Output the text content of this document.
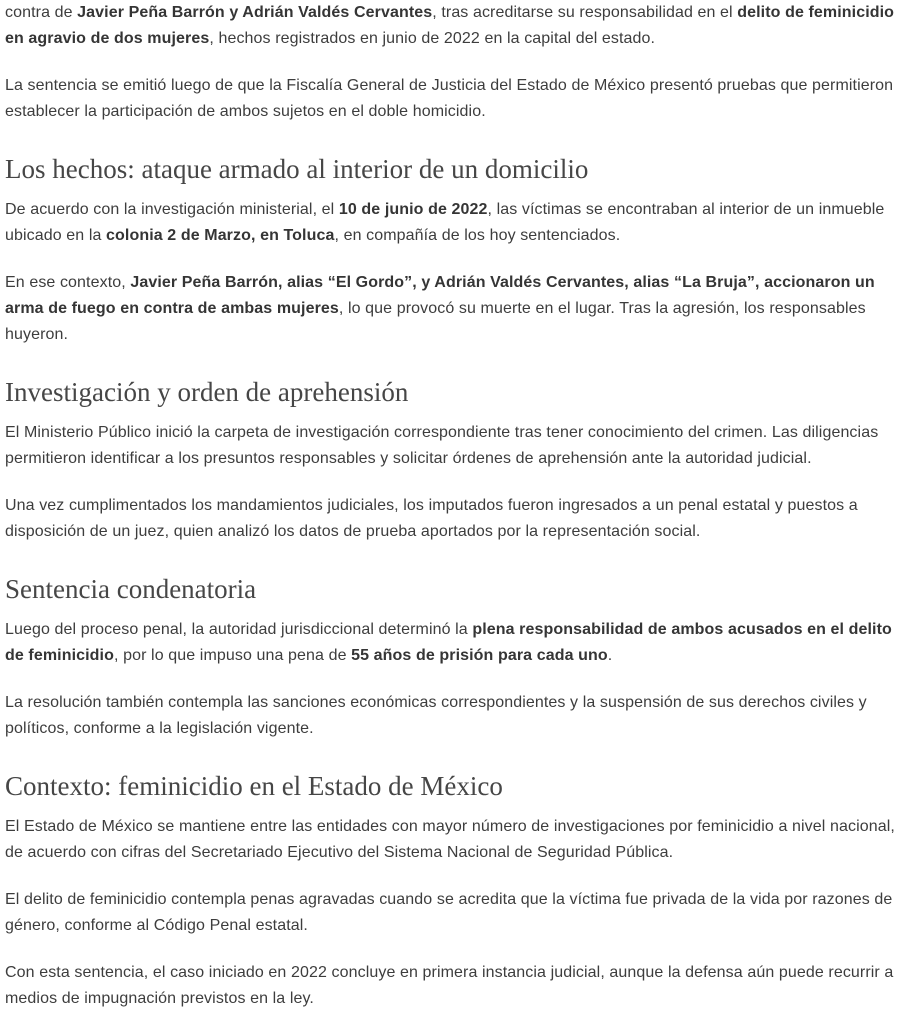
contra de Javier Peña Barrón y Adrián Valdés Cervantes, tras acreditarse su responsabilidad en el delito de feminicidio en agravio de dos mujeres, hechos registrados en junio de 2022 en la capital del estado.

La sentencia se emitió luego de que la Fiscalía General de Justicia del Estado de México presentó pruebas que permitieron establecer la participación de ambos sujetos en el doble homicidio.

Los hechos: ataque armado al interior de un domicilio

De acuerdo con la investigación ministerial, el 10 de junio de 2022, las víctimas se encontraban al interior de un inmueble ubicado en la colonia 2 de Marzo, en Toluca, en compañía de los hoy sentenciados.

En ese contexto, Javier Peña Barrón, alias “El Gordo”, y Adrián Valdés Cervantes, alias “La Bruja”, accionaron un arma de fuego en contra de ambas mujeres, lo que provocó su muerte en el lugar. Tras la agresión, los responsables huyeron.

Investigación y orden de aprehensión

El Ministerio Público inició la carpeta de investigación correspondiente tras tener conocimiento del crimen. Las diligencias permitieron identificar a los presuntos responsables y solicitar órdenes de aprehensión ante la autoridad judicial.

Una vez cumplimentados los mandamientos judiciales, los imputados fueron ingresados a un penal estatal y puestos a disposición de un juez, quien analizó los datos de prueba aportados por la representación social.

Sentencia condenatoria

Luego del proceso penal, la autoridad jurisdiccional determinó la plena responsabilidad de ambos acusados en el delito de feminicidio, por lo que impuso una pena de 55 años de prisión para cada uno.

La resolución también contempla las sanciones económicas correspondientes y la suspensión de sus derechos civiles y políticos, conforme a la legislación vigente.

Contexto: feminicidio en el Estado de México

El Estado de México se mantiene entre las entidades con mayor número de investigaciones por feminicidio a nivel nacional, de acuerdo con cifras del Secretariado Ejecutivo del Sistema Nacional de Seguridad Pública.

El delito de feminicidio contempla penas agravadas cuando se acredita que la víctima fue privada de la vida por razones de género, conforme al Código Penal estatal.

Con esta sentencia, el caso iniciado en 2022 concluye en primera instancia judicial, aunque la defensa aún puede recurrir a medios de impugnación previstos en la ley.
